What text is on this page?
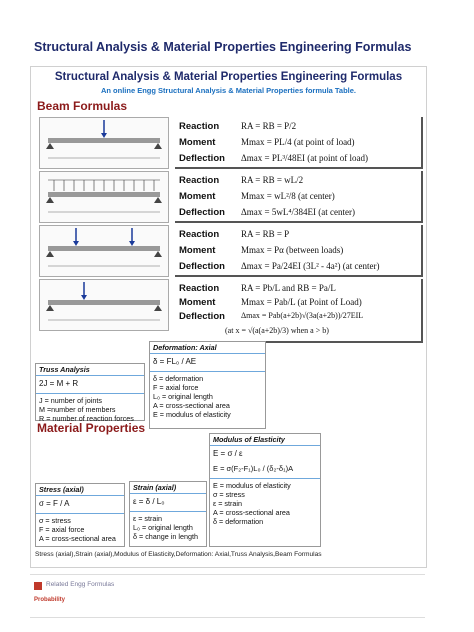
Structural Analysis & Material Properties Engineering Formulas
Structural Analysis & Material Properties Engineering Formulas
An online Engg Structural Analysis & Material Properties formula Table.
Beam Formulas
Reaction RA = RB = P/2
Moment	Mmax = PL/4 (at point of load)
Deflection Δmax = PL³/48EI (at point of load)
Reaction RA = RB = wL/2
Moment	Mmax = wL²/8 (at center)
Deflection Δmax = 5wL⁴/384EI (at center)
Reaction RA = RB = P
Moment	Mmax = Pα (between loads)
Deflection Δmax = Pa/24EI (3L² - 4a²) (at center)
Reaction RA = Pb/L and RB = Pa/L
Moment	Mmax = Pab/L (at Point of Load)
Deflection Δmax = Pab(a+2b)√(3a(a+2b))/27EIL
(at x = √(a(a+2b)/3) when a > b)
Deformation: Axial
δ = FL₀ / AE
δ = deformation
F = axial force
L₀ = original length
A = cross-sectional area
E = modulus of elasticity
Truss Analysis
2J = M + R
J = number of joints
M =number of members
R = number of reaction forces
Material Properties
Modulus of Elasticity
E = σ / ε
E = σ(F₂-F₁)L₀ / (δ₂-δ₁)A
E = modulus of elasticity
σ = stress
ε = strain
A = cross-sectional area
δ = deformation
Stress (axial)
σ = F / A
σ = stress
F = axial force
A = cross-sectional area
Strain (axial)
ε = δ / L₀
ε = strain
L₀ = original length
δ = change in length
Stress (axial),Strain (axial),Modulus of Elasticity,Deformation: Axial,Truss Analysis,Beam Formulas
Related Engg Formulas
Probability
